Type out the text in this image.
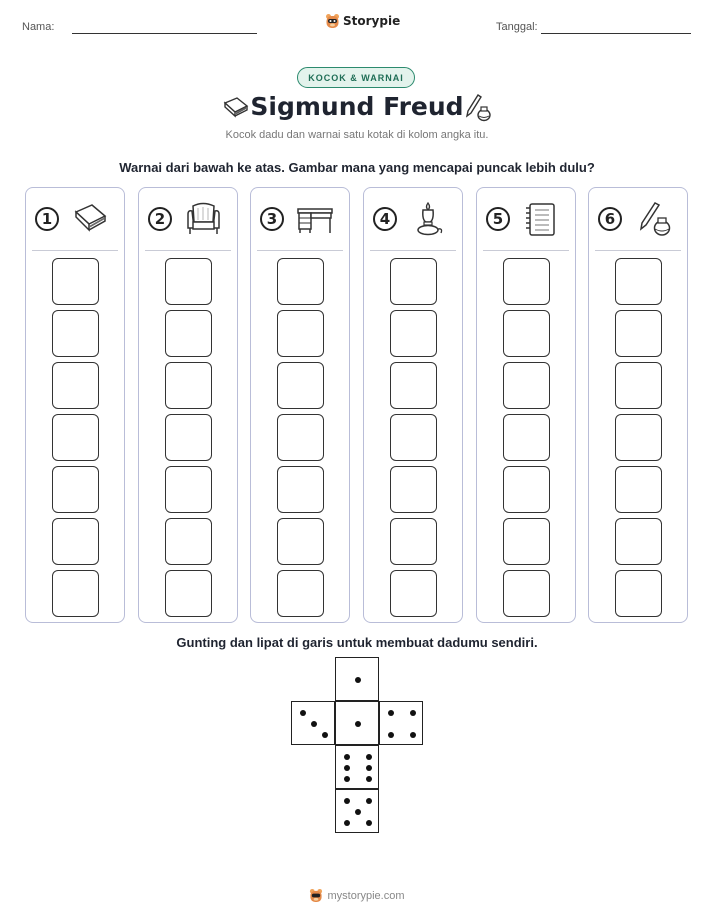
Nama:	Storypie	Tanggal:
KOCOK & WARNAI
Sigmund Freud
Kocok dadu dan warnai satu kotak di kolom angka itu.
Warnai dari bawah ke atas. Gambar mana yang mencapai puncak lebih dulu?
1	2	3	4	5	6
Gunting dan lipat di garis untuk membuat dadumu sendiri.
mystorypie.com
